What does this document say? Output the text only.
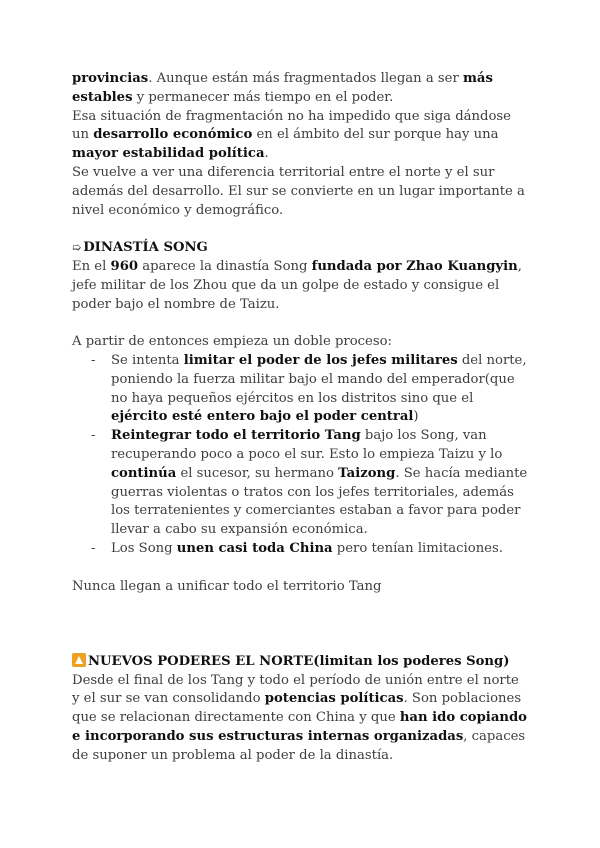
provincias. Aunque están más fragmentados llegan a ser más estables y permanecer más tiempo en el poder.

Esa situación de fragmentación no ha impedido que siga dándose un desarrollo económico en el ámbito del sur porque hay una mayor estabilidad política.

Se vuelve a ver una diferencia territorial entre el norte y el sur además del desarrollo. El sur se convierte en un lugar importante a nivel económico y demográfico.

➯ DINASTÍA SONG

En el 960 aparece la dinastía Song fundada por Zhao Kuangyin, jefe militar de los Zhou que da un golpe de estado y consigue el poder bajo el nombre de Taizu.

A partir de entonces empieza un doble proceso:

- Se intenta limitar el poder de los jefes militares del norte, poniendo la fuerza militar bajo el mando del emperador(que no haya pequeños ejércitos en los distritos sino que el ejército esté entero bajo el poder central)
- Reintegrar todo el territorio Tang bajo los Song, van recuperando poco a poco el sur. Esto lo empieza Taizu y lo continúa el sucesor, su hermano Taizong. Se hacía mediante guerras violentas o tratos con los jefes territoriales, además los terratenientes y comerciantes estaban a favor para poder llevar a cabo su expansión económica.
- Los Song unen casi toda China pero tenían limitaciones.

Nunca llegan a unificar todo el territorio Tang

NUEVOS PODERES EL NORTE(limitan los poderes Song)

Desde el final de los Tang y todo el período de unión entre el norte y el sur se van consolidando potencias políticas. Son poblaciones que se relacionan directamente con China y que han ido copiando e incorporando sus estructuras internas organizadas, capaces de suponer un problema al poder de la dinastía.
